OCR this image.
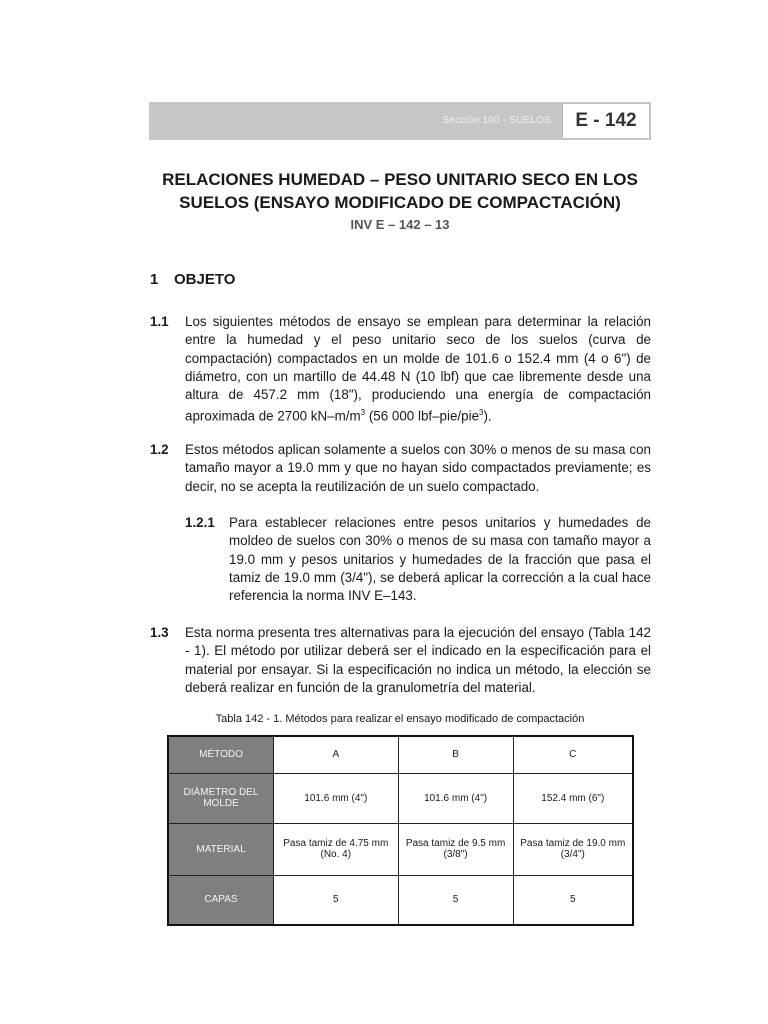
Sección 100 - SUELOS	E - 142
RELACIONES HUMEDAD – PESO UNITARIO SECO EN LOS
SUELOS (ENSAYO MODIFICADO DE COMPACTACIÓN)
INV E – 142 – 13
1 OBJETO
1.1 Los siguientes métodos de ensayo se emplean para determinar la relación entre la humedad y el peso unitario seco de los suelos (curva de compactación) compactados en un molde de 101.6 o 152.4 mm (4 o 6") de diámetro, con un martillo de 44.48 N (10 lbf) que cae libremente desde una altura de 457.2 mm (18"), produciendo una energía de compactación aproximada de 2700 $kN-m/m^3$ (56 000 lbf–pie/pie$^3$).
1.2 Estos métodos aplican solamente a suelos con 30% o menos de su masa con tamaño mayor a 19.0 mm y que no hayan sido compactados previamente; es decir, no se acepta la reutilización de un suelo compactado.
1.2.1 Para establecer relaciones entre pesos unitarios y humedades de moldeo de suelos con 30% o menos de su masa con tamaño mayor a 19.0 mm y pesos unitarios y humedades de la fracción que pasa el tamiz de 19.0 mm (3/4"), se deberá aplicar la corrección a la cual hace referencia la norma INV E–143.
1.3 Esta norma presenta tres alternativas para la ejecución del ensayo (Tabla 142 - 1). El método por utilizar deberá ser el indicado en la especificación para el material por ensayar. Si la especificación no indica un método, la elección se deberá realizar en función de la granulometría del material.
Tabla 142 - 1. Métodos para realizar el ensayo modificado de compactación
MÉTODO	A	B	C
DIÁMETRO DEL MOLDE	101.6 mm (4")	101.6 mm (4")	152.4 mm (6")
MATERIAL	Pasa tamiz de 4.75 mm (No. 4)	Pasa tamiz de 9.5 mm (3/8")	Pasa tamiz de 19.0 mm (3/4")
CAPAS	5	5	5
